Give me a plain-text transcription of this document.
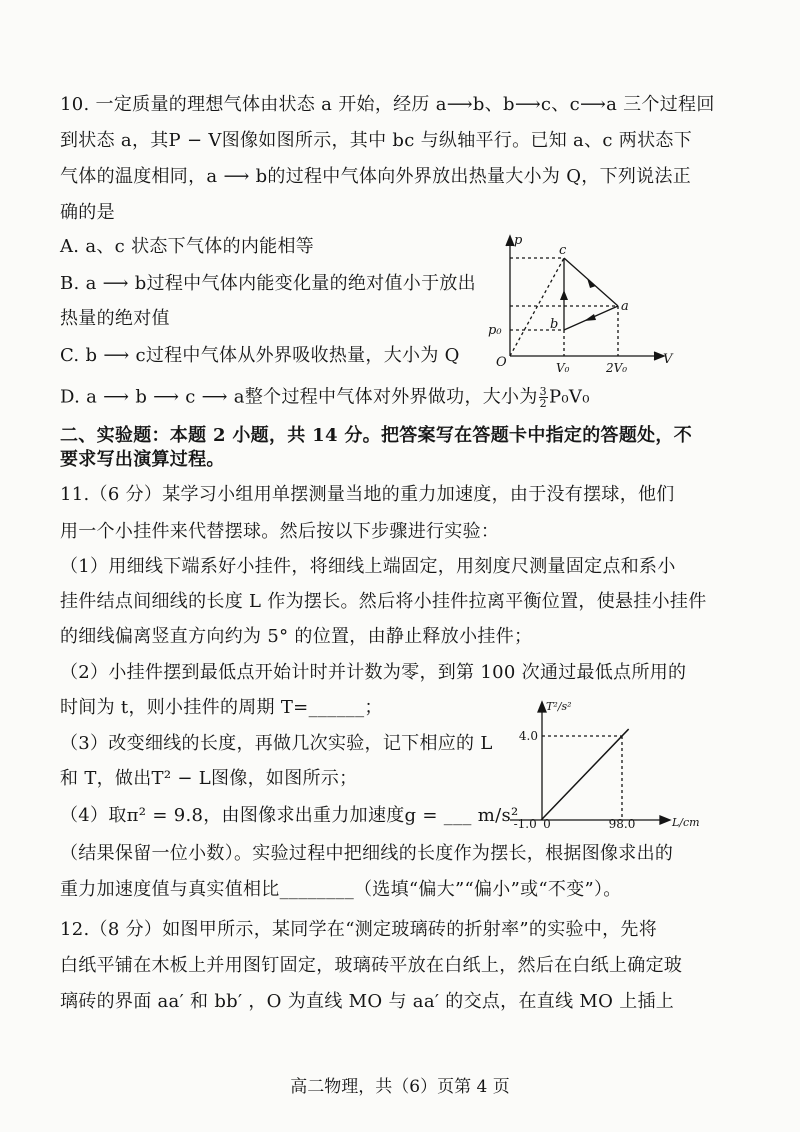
10. 一定质量的理想气体由状态 a 开始，经历 a⟶b、b⟶c、c⟶a 三个过程回
到状态 a，其P − V图像如图所示，其中 bc 与纵轴平行。已知 a、c 两状态下
气体的温度相同，a ⟶ b的过程中气体向外界放出热量大小为 Q，下列说法正
确的是
A. a、c 状态下气体的内能相等
B. a ⟶ b过程中气体内能变化量的绝对值小于放出
热量的绝对值
C. b ⟶ c过程中气体从外界吸收热量，大小为 Q
D. a ⟶ b ⟶ c ⟶ a整个过程中气体对外界做功，大小为 $\frac{3}{2} P_0V_0$
p
V
O
p₀
V₀	2V₀
a
b
c
二、实验题：本题 2 小题，共 14 分。把答案写在答题卡中指定的答题处，不
要求写出演算过程。
11.（6 分）某学习小组用单摆测量当地的重力加速度，由于没有摆球，他们
用一个小挂件来代替摆球。然后按以下步骤进行实验：
（1）用细线下端系好小挂件，将细线上端固定，用刻度尺测量固定点和系小
挂件结点间细线的长度 L 作为摆长。然后将小挂件拉离平衡位置，使悬挂小挂件
的细线偏离竖直方向约为 5° 的位置，由静止释放小挂件；
（2）小挂件摆到最低点开始计时并计数为零，到第 100 次通过最低点所用的
时间为 t，则小挂件的周期 T=______；
（3）改变细线的长度，再做几次实验，记下相应的 L
和 T，做出T² − L图像，如图所示；
（4）取π² = 9.8，由图像求出重力加速度g = ___ m/s²
（结果保留一位小数）。实验过程中把细线的长度作为摆长，根据图像求出的
重力加速度值与真实值相比________（选填“偏大”“偏小”或“不变”）。
T²/s²
L/cm
4.0
-1.0 0	98.0
12.（8 分）如图甲所示，某同学在“测定玻璃砖的折射率”的实验中，先将
白纸平铺在木板上并用图钉固定，玻璃砖平放在白纸上，然后在白纸上确定玻
璃砖的界面 aa′ 和 bb′ ，O 为直线 MO 与 aa′ 的交点，在直线 MO 上插上
高二物理，共（6）页第 4 页
